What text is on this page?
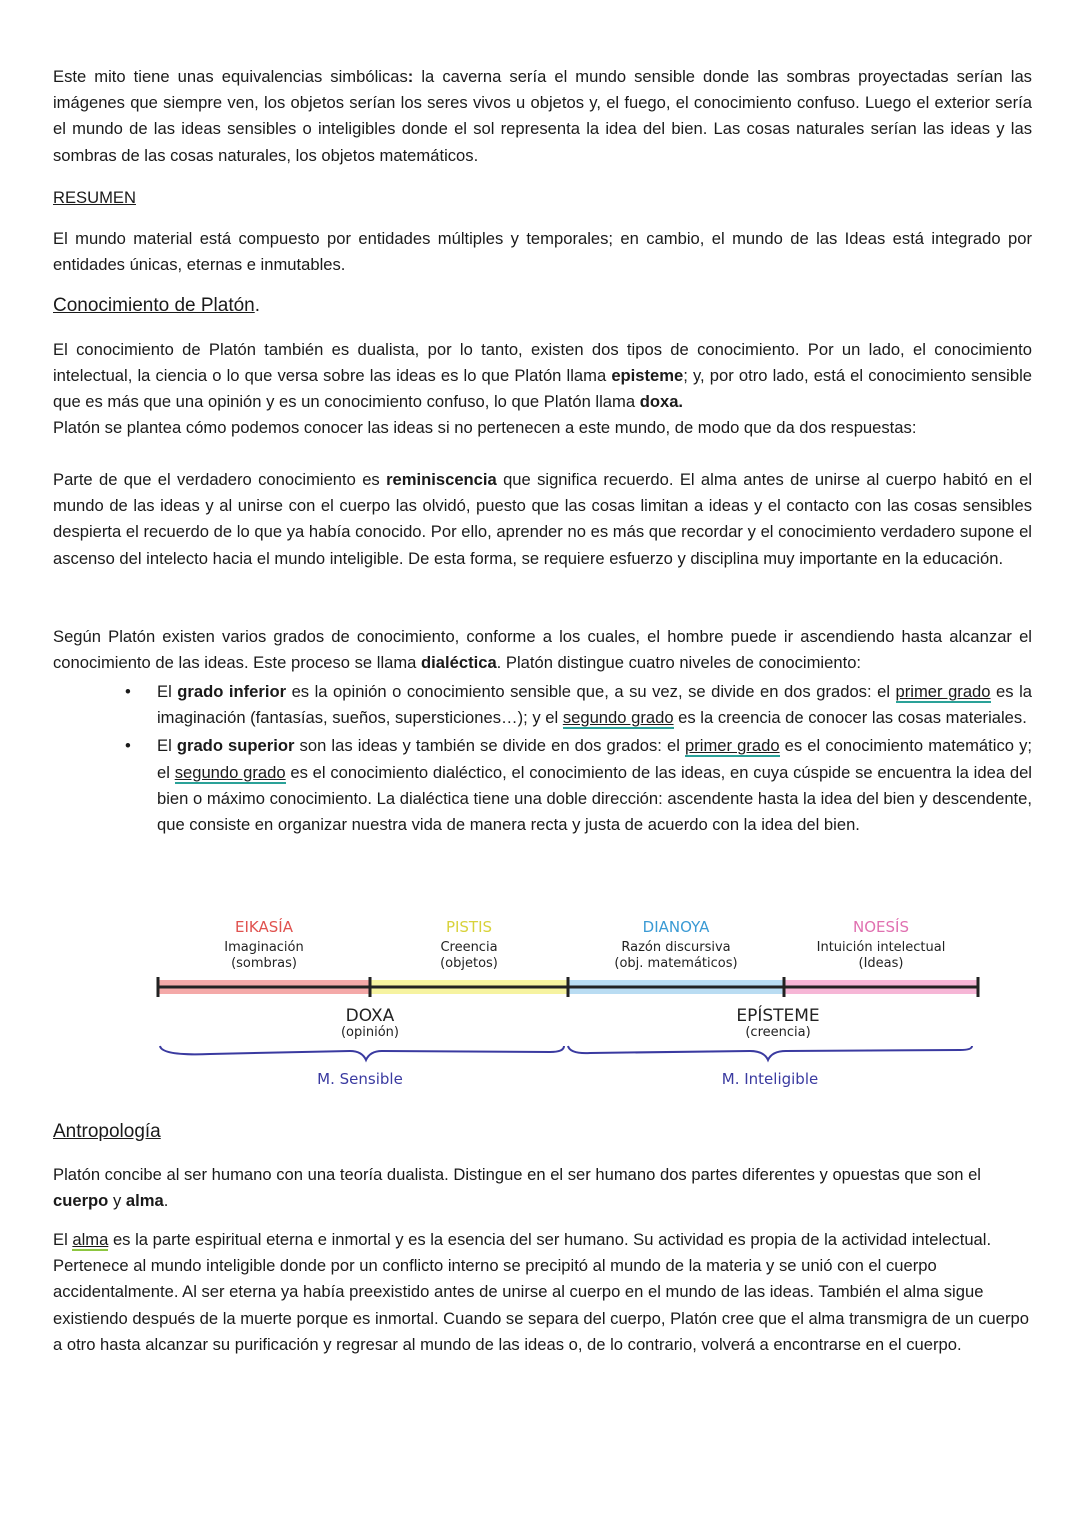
Este mito tiene unas equivalencias simbólicas: la caverna sería el mundo sensible donde las sombras proyectadas serían las imágenes que siempre ven, los objetos serían los seres vivos u objetos y, el fuego, el conocimiento confuso. Luego el exterior sería el mundo de las ideas sensibles o inteligibles donde el sol representa la idea del bien. Las cosas naturales serían las ideas y las sombras de las cosas naturales, los objetos matemáticos.

RESUMEN

El mundo material está compuesto por entidades múltiples y temporales; en cambio, el mundo de las Ideas está integrado por entidades únicas, eternas e inmutables.

Conocimiento de Platón.

El conocimiento de Platón también es dualista, por lo tanto, existen dos tipos de conocimiento. Por un lado, el conocimiento intelectual, la ciencia o lo que versa sobre las ideas es lo que Platón llama episteme; y, por otro lado, está el conocimiento sensible que es más que una opinión y es un conocimiento confuso, lo que Platón llama doxa.

Platón se plantea cómo podemos conocer las ideas si no pertenecen a este mundo, de modo que da dos respuestas:

Parte de que el verdadero conocimiento es reminiscencia que significa recuerdo. El alma antes de unirse al cuerpo habitó en el mundo de las ideas y al unirse con el cuerpo las olvidó, puesto que las cosas limitan a ideas y el contacto con las cosas sensibles despierta el recuerdo de lo que ya había conocido. Por ello, aprender no es más que recordar y el conocimiento verdadero supone el ascenso del intelecto hacia el mundo inteligible. De esta forma, se requiere esfuerzo y disciplina muy importante en la educación.

Según Platón existen varios grados de conocimiento, conforme a los cuales, el hombre puede ir ascendiendo hasta alcanzar el conocimiento de las ideas. Este proceso se llama dialéctica. Platón distingue cuatro niveles de conocimiento:

• El grado inferior es la opinión o conocimiento sensible que, a su vez, se divide en dos grados: el primer grado es la imaginación (fantasías, sueños, supersticiones…); y el segundo grado es la creencia de conocer las cosas materiales.
• El grado superior son las ideas y también se divide en dos grados: el primer grado es el conocimiento matemático y; el segundo grado es el conocimiento dialéctico, el conocimiento de las ideas, en cuya cúspide se encuentra la idea del bien o máximo conocimiento. La dialéctica tiene una doble dirección: ascendente hasta la idea del bien y descendente, que consiste en organizar nuestra vida de manera recta y justa de acuerdo con la idea del bien.
EIKASÍA
Imaginación
(sombras)
PISTIS
Creencia
(objetos)
DIANOYA
Razón discursiva
(obj. matemáticos)
NOESÍS
Intuición intelectual
(Ideas)
DOXA
(opinión)
EPÍSTEME
(creencia)
M. Sensible	M. Inteligible
Antropología

Platón concibe al ser humano con una teoría dualista. Distingue en el ser humano dos partes diferentes y opuestas que son el cuerpo y alma.

El alma es la parte espiritual eterna e inmortal y es la esencia del ser humano. Su actividad es propia de la actividad intelectual. Pertenece al mundo inteligible donde por un conflicto interno se precipitó al mundo de la materia y se unió con el cuerpo accidentalmente. Al ser eterna ya había preexistido antes de unirse al cuerpo en el mundo de las ideas. También el alma sigue existiendo después de la muerte porque es inmortal. Cuando se separa del cuerpo, Platón cree que el alma transmigra de un cuerpo a otro hasta alcanzar su purificación y regresar al mundo de las ideas o, de lo contrario, volverá a encontrarse en el cuerpo.
